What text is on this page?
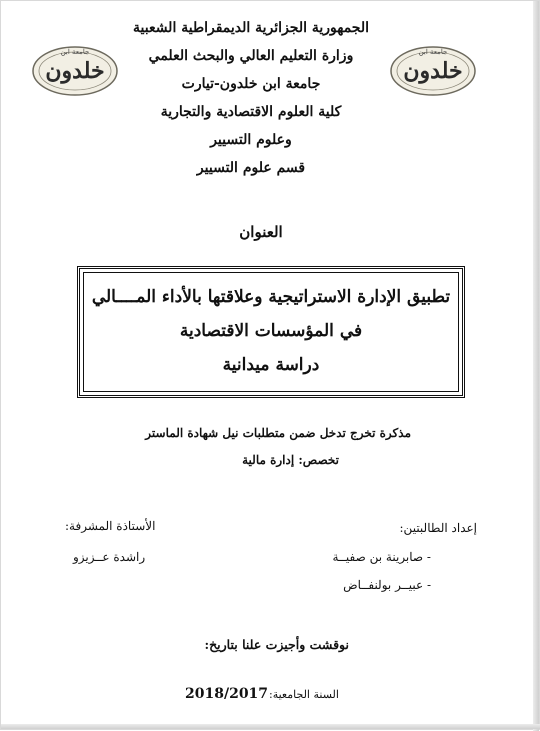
جامعة ابن
خلدون
جامعة ابن
خلدون
الجمهورية الجزائرية الديمقراطية الشعبية
وزارة التعليم العالي والبحث العلمي
جامعة ابن خلدون-تيارت
كلية العلوم الاقتصادية والتجارية
وعلوم التسيير
قسم علوم التسيير
العنوان
تطبيق الإدارة الاستراتيجية وعلاقتها بالأداء المــــالي
في المؤسسات الاقتصادية
دراسة ميدانية
مذكرة تخرج تدخل ضمن متطلبات نيل شهادة الماستر
تخصص: إدارة مالية
إعداد الطالبتين:
- صابرينة بن صفيــة
- عبيــر بولنفــاض
الأستاذة المشرفة:
راشدة عــزيزو
نوقشت وأجيزت علنا بتاريخ:
السنة الجامعية:
2018/2017
